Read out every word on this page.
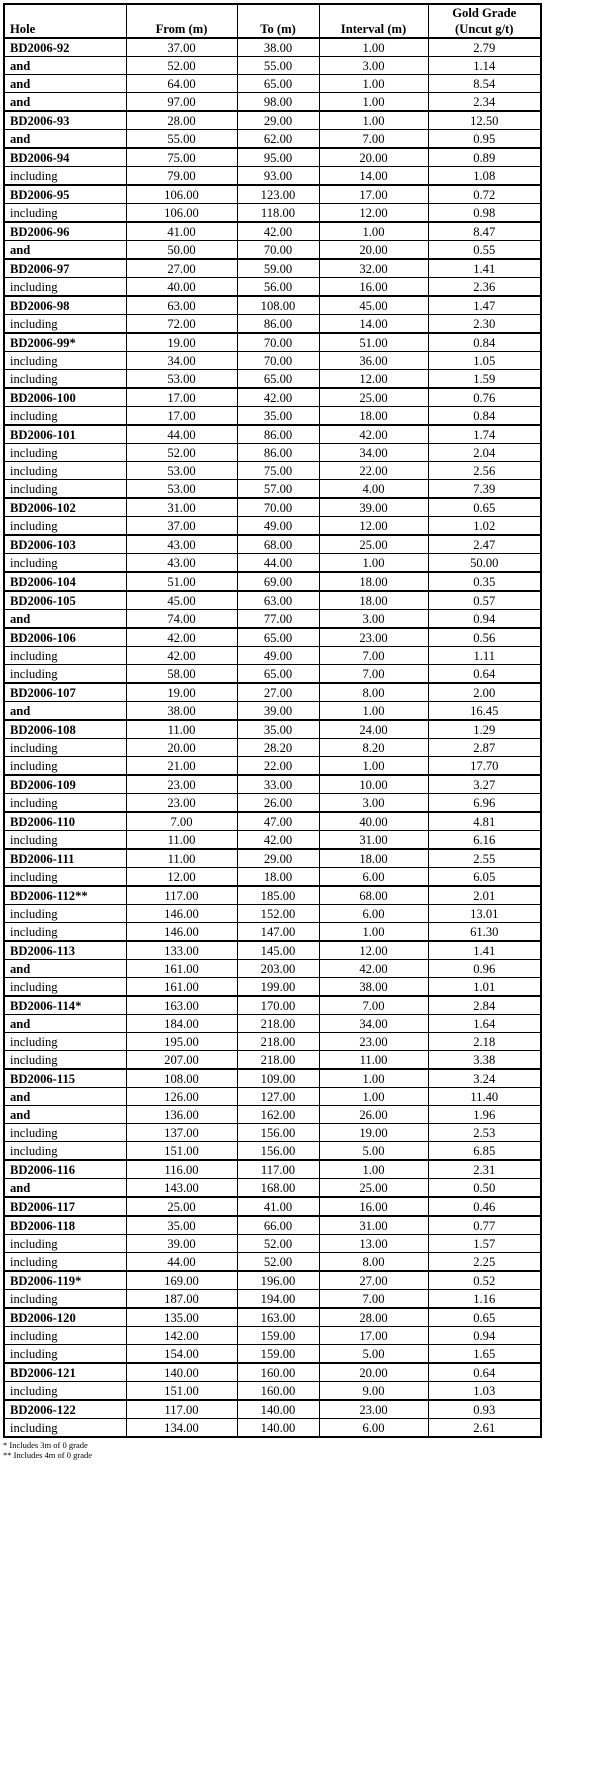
Hole	From (m)	To (m)	Interval (m)	Gold Grade
(Uncut g/t)
BD2006-92	37.00	38.00	1.00	2.79
and	52.00	55.00	3.00	1.14
and	64.00	65.00	1.00	8.54
and	97.00	98.00	1.00	2.34
BD2006-93	28.00	29.00	1.00	12.50
and	55.00	62.00	7.00	0.95
BD2006-94	75.00	95.00	20.00	0.89
including	79.00	93.00	14.00	1.08
BD2006-95	106.00	123.00	17.00	0.72
including	106.00	118.00	12.00	0.98
BD2006-96	41.00	42.00	1.00	8.47
and	50.00	70.00	20.00	0.55
BD2006-97	27.00	59.00	32.00	1.41
including	40.00	56.00	16.00	2.36
BD2006-98	63.00	108.00	45.00	1.47
including	72.00	86.00	14.00	2.30
BD2006-99*	19.00	70.00	51.00	0.84
including	34.00	70.00	36.00	1.05
including	53.00	65.00	12.00	1.59
BD2006-100	17.00	42.00	25.00	0.76
including	17.00	35.00	18.00	0.84
BD2006-101	44.00	86.00	42.00	1.74
including	52.00	86.00	34.00	2.04
including	53.00	75.00	22.00	2.56
including	53.00	57.00	4.00	7.39
BD2006-102	31.00	70.00	39.00	0.65
including	37.00	49.00	12.00	1.02
BD2006-103	43.00	68.00	25.00	2.47
including	43.00	44.00	1.00	50.00
BD2006-104	51.00	69.00	18.00	0.35
BD2006-105	45.00	63.00	18.00	0.57
and	74.00	77.00	3.00	0.94
BD2006-106	42.00	65.00	23.00	0.56
including	42.00	49.00	7.00	1.11
including	58.00	65.00	7.00	0.64
BD2006-107	19.00	27.00	8.00	2.00
and	38.00	39.00	1.00	16.45
BD2006-108	11.00	35.00	24.00	1.29
including	20.00	28.20	8.20	2.87
including	21.00	22.00	1.00	17.70
BD2006-109	23.00	33.00	10.00	3.27
including	23.00	26.00	3.00	6.96
BD2006-110	7.00	47.00	40.00	4.81
including	11.00	42.00	31.00	6.16
BD2006-111	11.00	29.00	18.00	2.55
including	12.00	18.00	6.00	6.05
BD2006-112**	117.00	185.00	68.00	2.01
including	146.00	152.00	6.00	13.01
including	146.00	147.00	1.00	61.30
BD2006-113	133.00	145.00	12.00	1.41
and	161.00	203.00	42.00	0.96
including	161.00	199.00	38.00	1.01
BD2006-114*	163.00	170.00	7.00	2.84
and	184.00	218.00	34.00	1.64
including	195.00	218.00	23.00	2.18
including	207.00	218.00	11.00	3.38
BD2006-115	108.00	109.00	1.00	3.24
and	126.00	127.00	1.00	11.40
and	136.00	162.00	26.00	1.96
including	137.00	156.00	19.00	2.53
including	151.00	156.00	5.00	6.85
BD2006-116	116.00	117.00	1.00	2.31
and	143.00	168.00	25.00	0.50
BD2006-117	25.00	41.00	16.00	0.46
BD2006-118	35.00	66.00	31.00	0.77
including	39.00	52.00	13.00	1.57
including	44.00	52.00	8.00	2.25
BD2006-119*	169.00	196.00	27.00	0.52
including	187.00	194.00	7.00	1.16
BD2006-120	135.00	163.00	28.00	0.65
including	142.00	159.00	17.00	0.94
including	154.00	159.00	5.00	1.65
BD2006-121	140.00	160.00	20.00	0.64
including	151.00	160.00	9.00	1.03
BD2006-122	117.00	140.00	23.00	0.93
including	134.00	140.00	6.00	2.61
* Includes 3m of 0 grade
** Includes 4m of 0 grade
